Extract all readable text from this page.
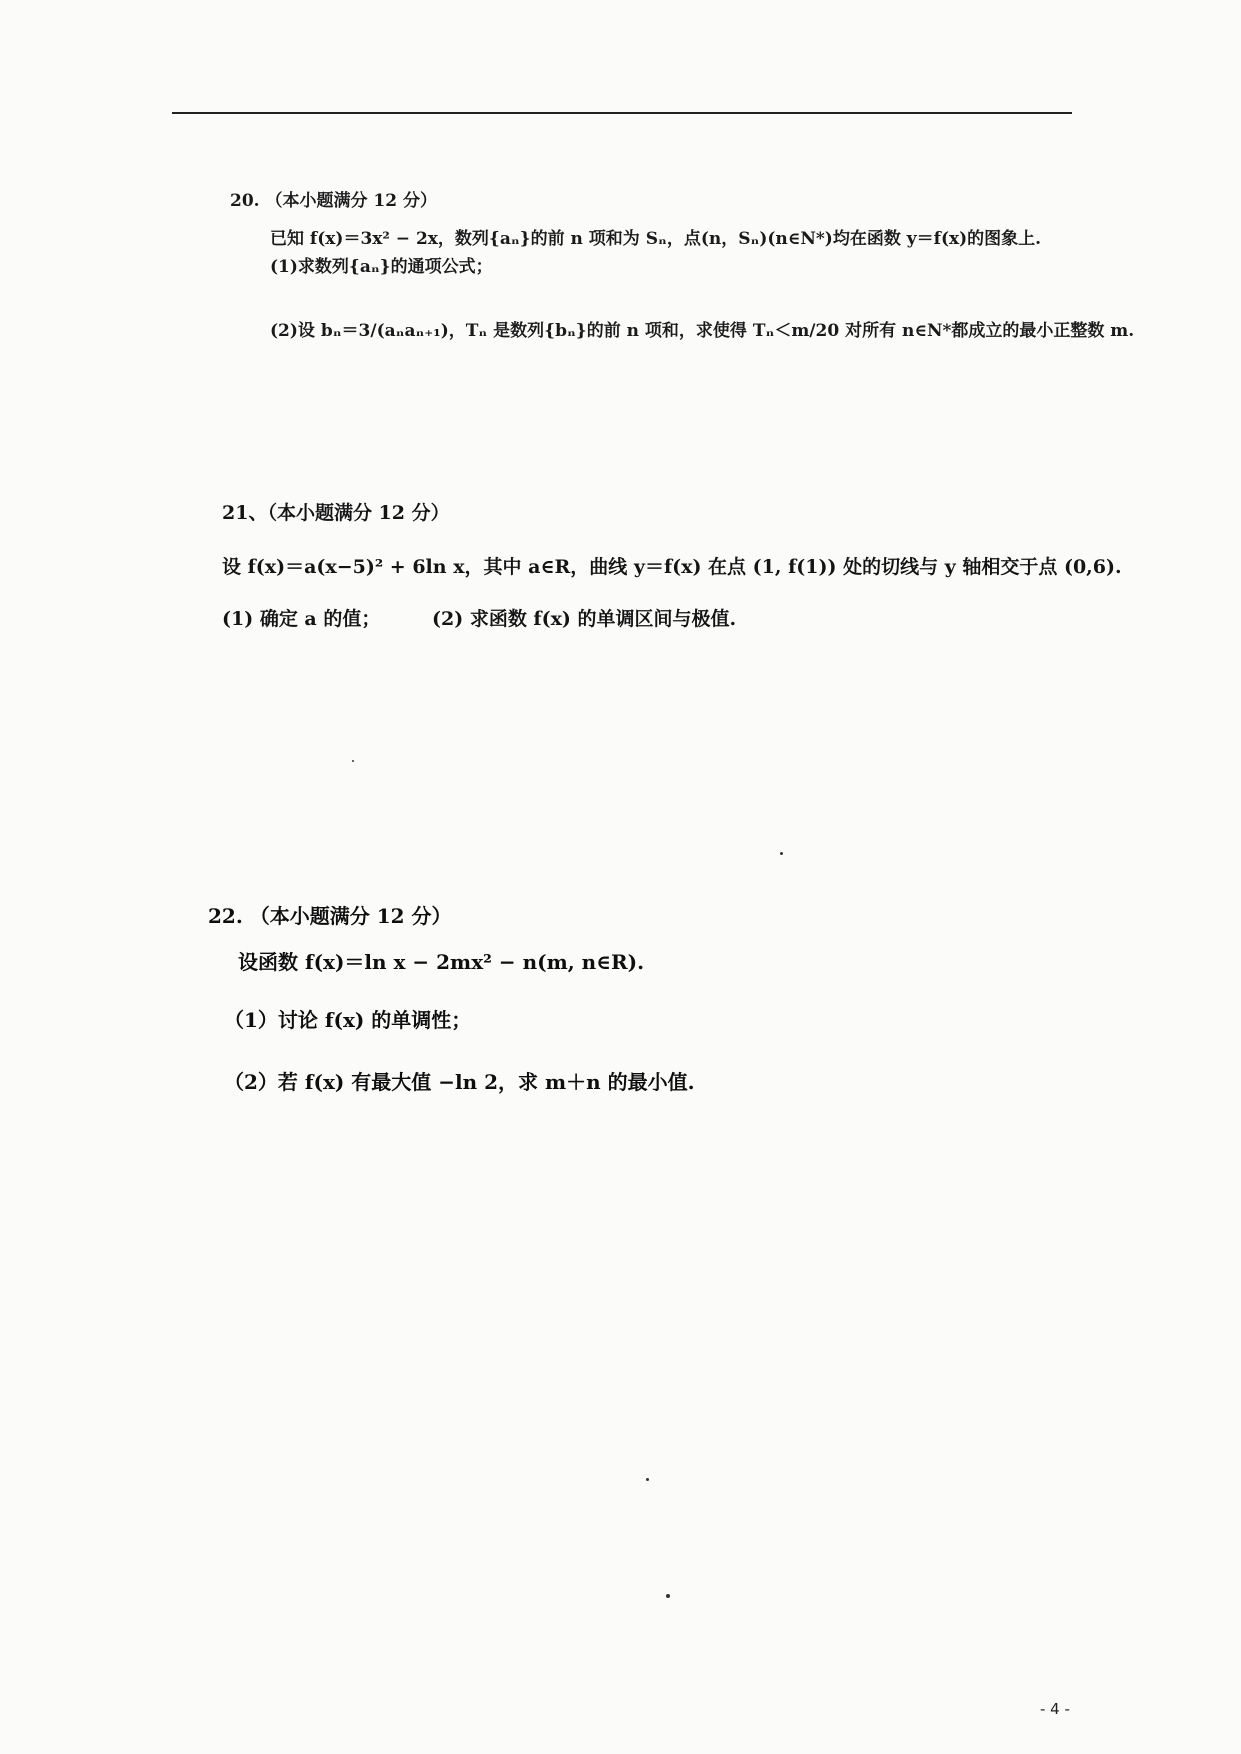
20. （本小题满分 12 分）
已知 f(x)＝3x² − 2x，数列{aₙ}的前 n 项和为 Sₙ，点(n，Sₙ)(n∈N*)均在函数 y＝f(x)的图象上.
(1)求数列{aₙ}的通项公式；
(2)设 bₙ＝3/(aₙaₙ₊₁)，Tₙ 是数列{bₙ}的前 n 项和，求使得 Tₙ＜m/20 对所有 n∈N*都成立的最小正整数 m.
21、（本小题满分 12 分）
设 f(x)＝a(x−5)² + 6ln x，其中 a∈R，曲线 y＝f(x) 在点 (1, f(1)) 处的切线与 y 轴相交于点 (0,6).
(1) 确定 a 的值；	(2) 求函数 f(x) 的单调区间与极值.
22. （本小题满分 12 分）
设函数 f(x)＝ln x − 2mx² − n(m, n∈R).
（1）讨论 f(x) 的单调性；
（2）若 f(x) 有最大值 −ln 2，求 m＋n 的最小值.
- 4 -
